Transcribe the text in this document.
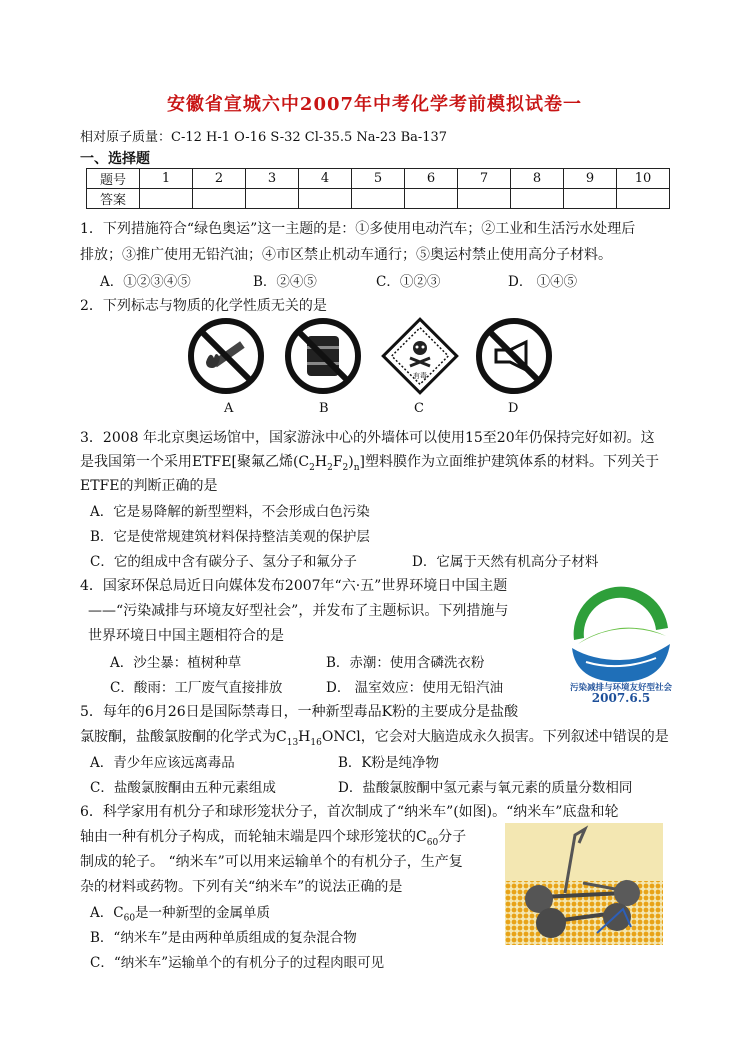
安徽省宣城六中2007年中考化学考前模拟试卷一
相对原子质量：C-12 H-1 O-16 S-32 Cl-35.5 Na-23 Ba-137
一、选择题
题号	1	2	3	4	5	6	7	8	9	10
答案										
1．下列措施符合“绿色奥运”这一主题的是：①多使用电动汽车；②工业和生活污水处理后
排放；③推广使用无铅汽油；④市区禁止机动车通行；⑤奥运村禁止使用高分子材料。
A．①②③④⑤	B．②④⑤	C．①②③	D． ①④⑤
2．下列标志与物质的化学性质无关的是
有毒
A	B	C	D
3．2008 年北京奥运场馆中，国家游泳中心的外墙体可以使用15至20年仍保持完好如初。这
是我国第一个采用ETFE[聚氟乙烯$(C_2H_2F_2)_n$]塑料膜作为立面维护建筑体系的材料。下列关于
ETFE的判断正确的是
A．它是易降解的新型塑料，不会形成白色污染
B．它是使常规建筑材料保持整洁美观的保护层
C．它的组成中含有碳分子、氢分子和氟分子	D．它属于天然有机高分子材料
4．国家环保总局近日向媒体发布2007年“六·五”世界环境日中国主题
——“污染减排与环境友好型社会”，并发布了主题标识。下列措施与
世界环境日中国主题相符合的是
A．沙尘暴：植树种草	B．赤潮：使用含磷洗衣粉
C．酸雨：工厂废气直接排放	D． 温室效应：使用无铅汽油	污染减排与环境友好型社会
2007.6.5
5．每年的6月26日是国际禁毒日，一种新型毒品K粉的主要成分是盐酸
氯胺酮，盐酸氯胺酮的化学式为$C_{13}H_{16}ONCl$，它会对大脑造成永久损害。下列叙述中错误的是
A．青少年应该远离毒品	B．K粉是纯净物
C．盐酸氯胺酮由五种元素组成	D．盐酸氯胺酮中氢元素与氧元素的质量分数相同
6．科学家用有机分子和球形笼状分子，首次制成了“纳米车”(如图)。“纳米车”底盘和轮
轴由一种有机分子构成，而轮轴末端是四个球形笼状的$C_{60}$分子
制成的轮子。 “纳米车”可以用来运输单个的有机分子，生产复
杂的材料或药物。下列有关“纳米车”的说法正确的是
A．$C_{60}$是一种新型的金属单质
B．“纳米车”是由两种单质组成的复杂混合物
C．“纳米车”运输单个的有机分子的过程肉眼可见
